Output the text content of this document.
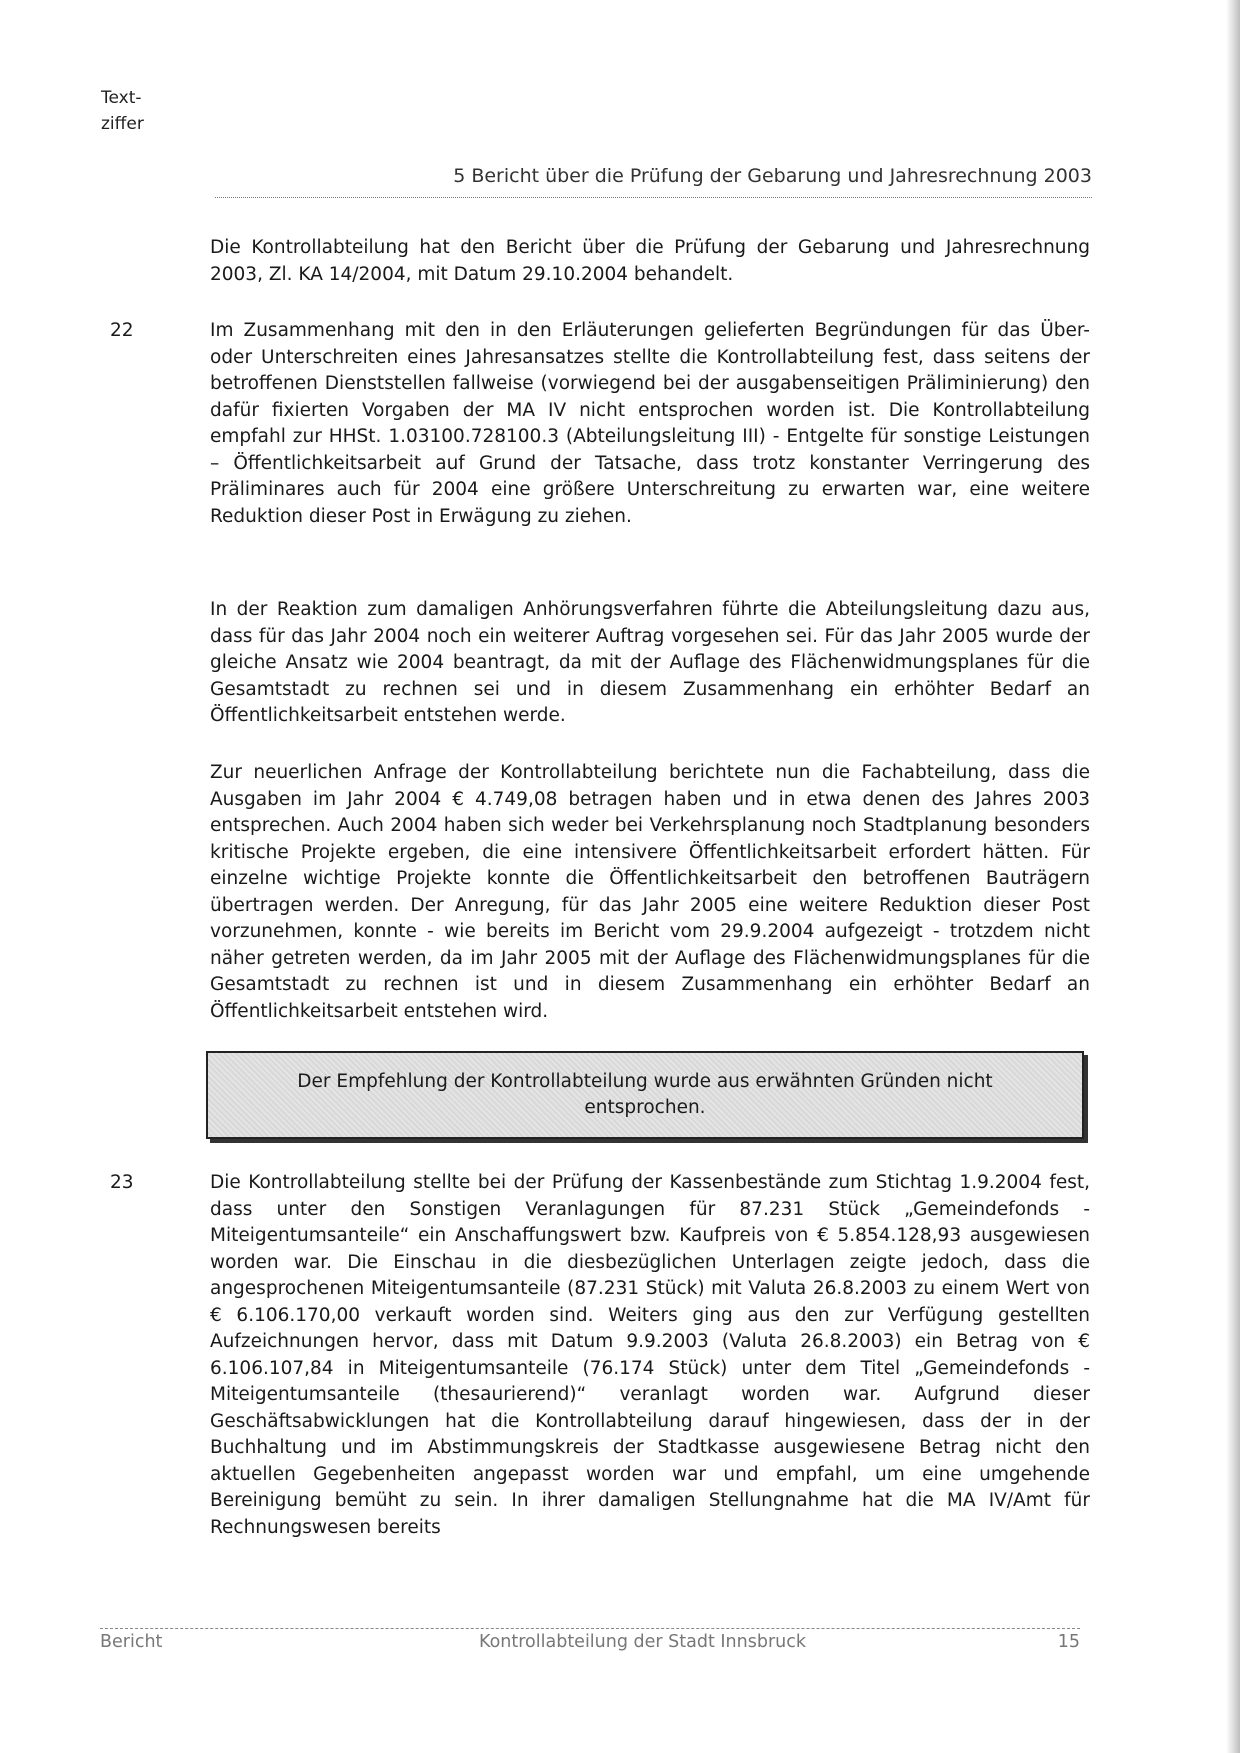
Text-
ziffer
5 Bericht über die Prüfung der Gebarung und Jahresrechnung 2003

Die Kontrollabteilung hat den Bericht über die Prüfung der Gebarung und Jahresrechnung 2003, Zl. KA 14/2004, mit Datum 29.10.2004 behandelt.

22	Im Zusammenhang mit den in den Erläuterungen gelieferten Begründungen für das Über- oder Unterschreiten eines Jahresansatzes stellte die Kontrollabteilung fest, dass seitens der betroffenen Dienststellen fallweise (vorwiegend bei der ausgabenseitigen Präliminierung) den dafür fixierten Vorgaben der MA IV nicht entsprochen worden ist. Die Kontrollabteilung empfahl zur HHSt. 1.03100.728100.3 (Abteilungsleitung III) - Entgelte für sonstige Leistungen – Öffentlichkeitsarbeit auf Grund der Tatsache, dass trotz konstanter Verringerung des Präliminares auch für 2004 eine größere Unterschreitung zu erwarten war, eine weitere Reduktion dieser Post in Erwägung zu ziehen.

In der Reaktion zum damaligen Anhörungsverfahren führte die Abteilungsleitung dazu aus, dass für das Jahr 2004 noch ein weiterer Auftrag vorgesehen sei. Für das Jahr 2005 wurde der gleiche Ansatz wie 2004 beantragt, da mit der Auflage des Flächenwidmungsplanes für die Gesamtstadt zu rechnen sei und in diesem Zusammenhang ein erhöhter Bedarf an Öffentlichkeitsarbeit entstehen werde.

Zur neuerlichen Anfrage der Kontrollabteilung berichtete nun die Fachabteilung, dass die Ausgaben im Jahr 2004 € 4.749,08 betragen haben und in etwa denen des Jahres 2003 entsprechen. Auch 2004 haben sich weder bei Verkehrsplanung noch Stadtplanung besonders kritische Projekte ergeben, die eine intensivere Öffentlichkeitsarbeit erfordert hätten. Für einzelne wichtige Projekte konnte die Öffentlichkeitsarbeit den betroffenen Bauträgern übertragen werden. Der Anregung, für das Jahr 2005 eine weitere Reduktion dieser Post vorzunehmen, konnte - wie bereits im Bericht vom 29.9.2004 aufgezeigt - trotzdem nicht näher getreten werden, da im Jahr 2005 mit der Auflage des Flächenwidmungsplanes für die Gesamtstadt zu rechnen ist und in diesem Zusammenhang ein erhöhter Bedarf an Öffentlichkeitsarbeit entstehen wird.

Der Empfehlung der Kontrollabteilung wurde aus erwähnten Gründen nicht entsprochen.
23	Die Kontrollabteilung stellte bei der Prüfung der Kassenbestände zum Stichtag 1.9.2004 fest, dass unter den Sonstigen Veranlagungen für 87.231 Stück „Gemeindefonds - Miteigentumsanteile“ ein Anschaffungswert bzw. Kaufpreis von € 5.854.128,93 ausgewiesen worden war. Die Einschau in die diesbezüglichen Unterlagen zeigte jedoch, dass die angesprochenen Miteigentumsanteile (87.231 Stück) mit Valuta 26.8.2003 zu einem Wert von € 6.106.170,00 verkauft worden sind. Weiters ging aus den zur Verfügung gestellten Aufzeichnungen hervor, dass mit Datum 9.9.2003 (Valuta 26.8.2003) ein Betrag von € 6.106.107,84 in Miteigentumsanteile (76.174 Stück) unter dem Titel „Gemeindefonds - Miteigentumsanteile (thesaurierend)“ veranlagt worden war. Aufgrund dieser Geschäftsabwicklungen hat die Kontrollabteilung darauf hingewiesen, dass der in der Buchhaltung und im Abstimmungskreis der Stadtkasse ausgewiesene Betrag nicht den aktuellen Gegebenheiten angepasst worden war und empfahl, um eine umgehende Bereinigung bemüht zu sein. In ihrer damaligen Stellungnahme hat die MA IV/Amt für Rechnungswesen bereits

Bericht	Kontrollabteilung der Stadt Innsbruck	15
